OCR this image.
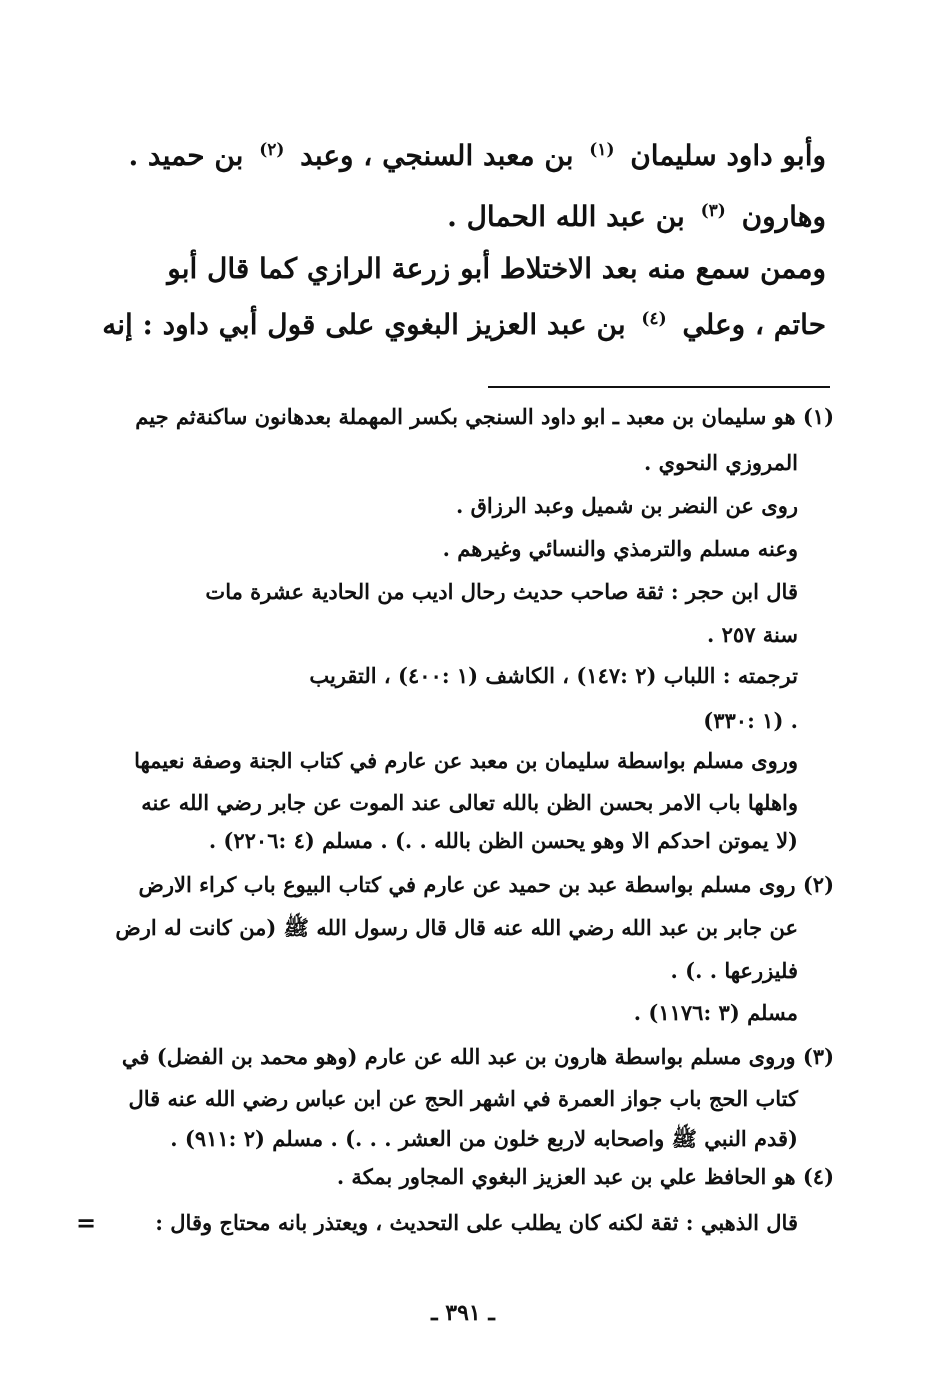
وأبو داود سليمان $^{(١)}$ بن معبد السنجي ، وعبد $^{(٢)}$ بن حميد .
وهارون $^{(٣)}$ بن عبد الله الحمال .
وممن سمع منه بعد الاختلاط أبو زرعة الرازي كما قال أبو
حاتم ، وعلي $^{(٤)}$ بن عبد العزيز البغوي على قول أبي داود : إنه
(١) هو سليمان بن معبد ـ ابو داود السنجي بكسر المهملة بعدهانون ساكنةثم جيم
المروزي النحوي .
روى عن النضر بن شميل وعبد الرزاق .
وعنه مسلم والترمذي والنسائي وغيرهم .
قال ابن حجر : ثقة صاحب حديث رحال اديب من الحادية عشرة مات
سنة ٢٥٧ .
ترجمته : اللباب (٢ :١٤٧) ، الكاشف (١ :٤٠٠) ، التقريب
(١ :٣٣٠) .
وروى مسلم بواسطة سليمان بن معبد عن عارم في كتاب الجنة وصفة نعيمها
واهلها باب الامر بحسن الظن بالله تعالى عند الموت عن جابر رضي الله عنه
(لا يموتن احدكم الا وهو يحسن الظن بالله . .) . مسلم (٤ :٢٢٠٦) .
(٢) روى مسلم بواسطة عبد بن حميد عن عارم في كتاب البيوع باب كراء الارض
عن جابر بن عبد الله رضي الله عنه قال قال رسول الله ﷺ (من كانت له ارض
فليزرعها . .) .
مسلم (٣ :١١٧٦) .
(٣) وروى مسلم بواسطة هارون بن عبد الله عن عارم (وهو محمد بن الفضل) في
كتاب الحج باب جواز العمرة في اشهر الحج عن ابن عباس رضي الله عنه قال
(قدم النبي ﷺ واصحابه لاربع خلون من العشر . . .) . مسلم (٢ :٩١١) .
(٤) هو الحافظ علي بن عبد العزيز البغوي المجاور بمكة .
قال الذهبي : ثقة لكنه كان يطلب على التحديث ، ويعتذر بانه محتاج وقال :
=
ـ ٣٩١ ـ
